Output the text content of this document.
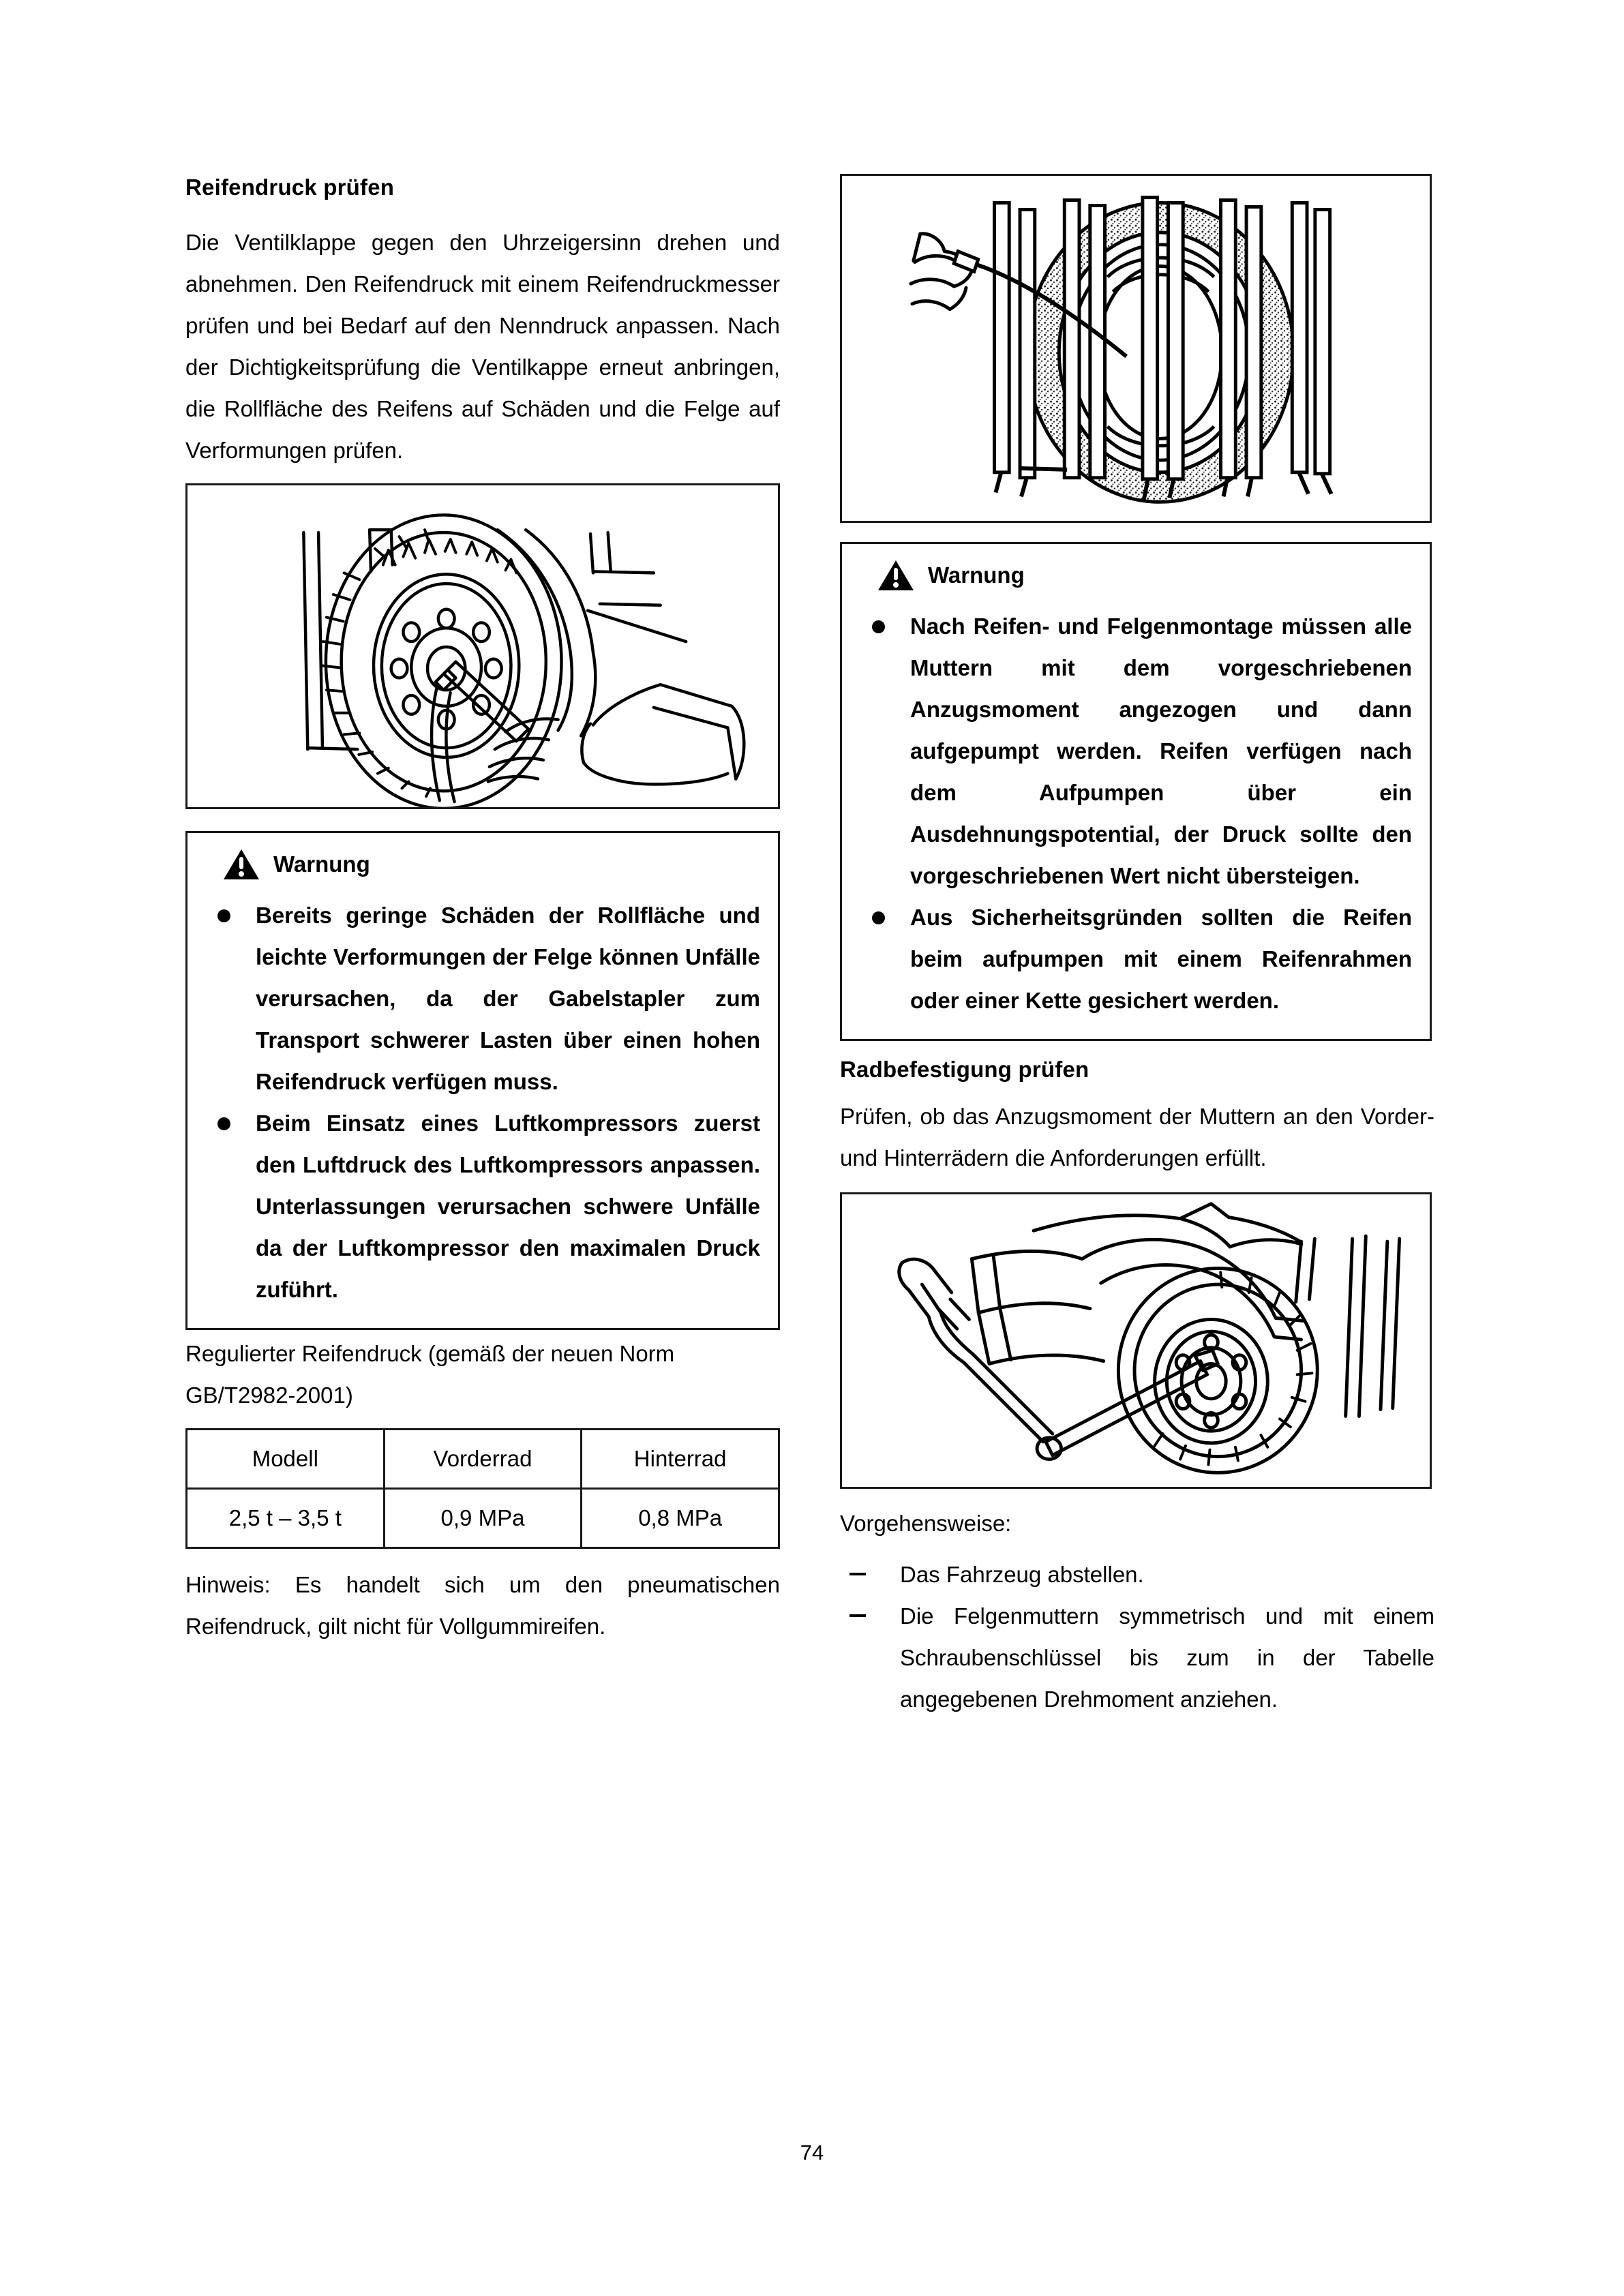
Reifendruck prüfen

Die Ventilklappe gegen den Uhrzeigersinn drehen und abnehmen. Den Reifendruck mit einem Reifendruckmesser prüfen und bei Bedarf auf den Nenndruck anpassen. Nach der Dichtigkeitsprüfung die Ventilkappe erneut anbringen, die Rollfläche des Reifens auf Schäden und die Felge auf Verformungen prüfen.

Warnung
Bereits geringe Schäden der Rollfläche und leichte Verformungen der Felge können Unfälle verursachen, da der Gabelstapler zum Transport schwerer Lasten über einen hohen Reifendruck verfügen muss.
Beim Einsatz eines Luftkompressors zuerst den Luftdruck des Luftkompressors anpassen. Unterlassungen verursachen schwere Unfälle da der Luftkompressor den maximalen Druck zuführt.

Regulierter Reifendruck (gemäß der neuen Norm GB/T2982-2001)

Modell	Vorderrad	Hinterrad
2,5 t – 3,5 t	0,9 MPa	0,8 MPa

Hinweis: Es handelt sich um den pneumatischen Reifendruck, gilt nicht für Vollgummireifen.

Warnung
Nach Reifen- und Felgenmontage müssen alle Muttern mit dem vorgeschriebenen Anzugsmoment angezogen und dann aufgepumpt werden. Reifen verfügen nach dem Aufpumpen über ein Ausdehnungspotential, der Druck sollte den vorgeschriebenen Wert nicht übersteigen.
Aus Sicherheitsgründen sollten die Reifen beim aufpumpen mit einem Reifenrahmen oder einer Kette gesichert werden.
Radbefestigung prüfen

Prüfen, ob das Anzugsmoment der Muttern an den Vorder- und Hinterrädern die Anforderungen erfüllt.

Vorgehensweise:

Das Fahrzeug abstellen.
Die Felgenmuttern symmetrisch und mit einem Schraubenschlüssel bis zum in der Tabelle angegebenen Drehmoment anziehen.
74
